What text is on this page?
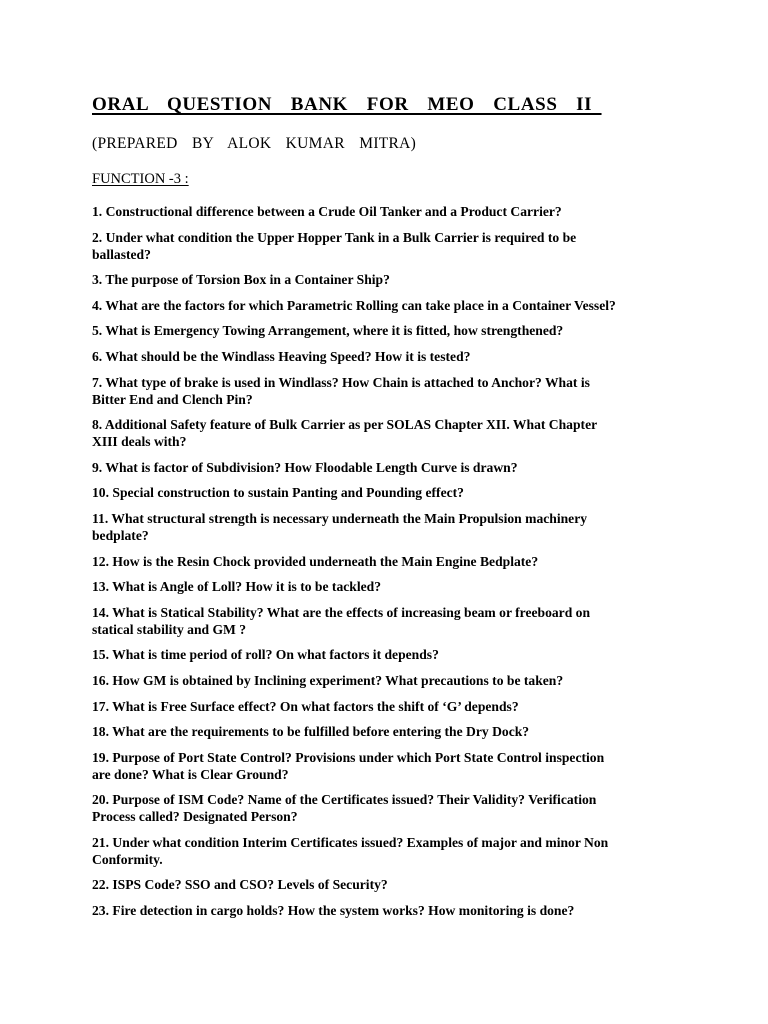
ORAL  QUESTION  BANK  FOR  MEO  CLASS  II
(PREPARED  BY  ALOK  KUMAR  MITRA)
FUNCTION -3 :
1. Constructional difference between a Crude Oil Tanker and a Product Carrier?
2. Under what condition the Upper Hopper Tank in a Bulk Carrier is required to be
ballasted?
3. The purpose of Torsion Box in a Container Ship?
4. What are the factors for which Parametric Rolling can take place in a Container Vessel?
5. What is Emergency Towing Arrangement, where it is fitted, how strengthened?
6. What should be the Windlass Heaving Speed? How it is tested?
7. What type of brake is used in Windlass? How Chain is attached to Anchor? What is
Bitter End and Clench Pin?
8. Additional Safety feature of Bulk Carrier as per SOLAS Chapter XII. What Chapter
XIII deals with?
9. What is factor of Subdivision? How Floodable Length Curve is drawn?
10. Special construction to sustain Panting and Pounding effect?
11. What structural strength is necessary underneath the Main Propulsion machinery
bedplate?
12. How is the Resin Chock provided underneath the Main Engine Bedplate?
13. What is Angle of Loll? How it is to be tackled?
14. What is Statical Stability? What are the effects of increasing beam or freeboard on
statical stability and GM ?
15. What is time period of roll? On what factors it depends?
16. How GM is obtained by Inclining experiment? What precautions to be taken?
17. What is Free Surface effect? On what factors the shift of ‘G’ depends?
18. What are the requirements to be fulfilled before entering the Dry Dock?
19. Purpose of Port State Control? Provisions under which Port State Control inspection
are done? What is Clear Ground?
20. Purpose of ISM Code? Name of the Certificates issued? Their Validity? Verification
Process called? Designated Person?
21. Under what condition Interim Certificates issued? Examples of major and minor Non
Conformity.
22. ISPS Code? SSO and CSO? Levels of Security?
23. Fire detection in cargo holds? How the system works? How monitoring is done?
